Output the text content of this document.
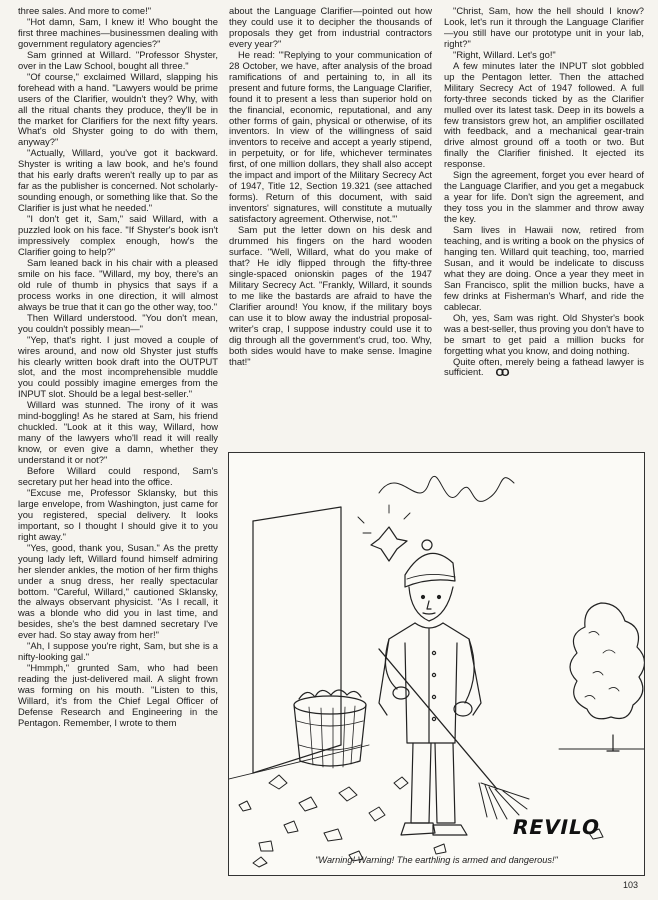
three sales. And more to come!"

"Hot damn, Sam, I knew it! Who bought the first three machines—businessmen dealing with government regulatory agencies?"

Sam grinned at Willard. "Professor Shyster, over in the Law School, bought all three."

"Of course," exclaimed Willard, slapping his forehead with a hand. "Lawyers would be prime users of the Clarifier, wouldn't they? Why, with all the ritual chants they produce, they'll be in the market for Clarifiers for the next fifty years. What's old Shyster going to do with them, anyway?"

"Actually, Willard, you've got it backward. Shyster is writing a law book, and he's found that his early drafts weren't really up to par as far as the publisher is concerned. Not scholarly-sounding enough, or something like that. So the Clarifier is just what he needed."

"I don't get it, Sam," said Willard, with a puzzled look on his face. "If Shyster's book isn't impressively complex enough, how's the Clarifier going to help?"

Sam leaned back in his chair with a pleased smile on his face. "Willard, my boy, there's an old rule of thumb in physics that says if a process works in one direction, it will almost always be true that it can go the other way, too."

Then Willard understood. "You don't mean, you couldn't possibly mean—"

"Yep, that's right. I just moved a couple of wires around, and now old Shyster just stuffs his clearly written book draft into the OUTPUT slot, and the most incomprehensible muddle you could possibly imagine emerges from the INPUT slot. Should be a legal best-seller."

Willard was stunned. The irony of it was mind-boggling! As he stared at Sam, his friend chuckled. "Look at it this way, Willard, how many of the lawyers who'll read it will really know, or even give a damn, whether they understand it or not?"

Before Willard could respond, Sam's secretary put her head into the office.

"Excuse me, Professor Sklansky, but this large envelope, from Washington, just came for you registered, special delivery. It looks important, so I thought I should give it to you right away."

"Yes, good, thank you, Susan." As the pretty young lady left, Willard found himself admiring her slender ankles, the motion of her firm thighs under a snug dress, her really spectacular bottom. "Careful, Willard," cautioned Sklansky, the always observant physicist. "As I recall, it was a blonde who did you in last time, and besides, she's the best damned secretary I've ever had. So stay away from her!"

"Ah, I suppose you're right, Sam, but she is a nifty-looking gal."

"Hmmph," grunted Sam, who had been reading the just-delivered mail. A slight frown was forming on his mouth. "Listen to this, Willard, it's from the Chief Legal Officer of Defense Research and Engineering in the Pentagon. Remember, I wrote to them

about the Language Clarifier—pointed out how they could use it to decipher the thousands of proposals they get from industrial contractors every year?"

He read: "'Replying to your communication of 28 October, we have, after analysis of the broad ramifications of and pertaining to, in all its present and future forms, the Language Clarifier, found it to present a less than superior hold on the financial, economic, reputational, and any other forms of gain, physical or otherwise, of its inventors. In view of the willingness of said inventors to receive and accept a yearly stipend, in perpetuity, or for life, whichever terminates first, of one million dollars, they shall also accept the impact and import of the Military Secrecy Act of 1947, Title 12, Section 19.321 (see attached forms). Return of this document, with said inventors' signatures, will constitute a mutually satisfactory agreement. Otherwise, not.'"

Sam put the letter down on his desk and drummed his fingers on the hard wooden surface. "Well, Willard, what do you make of that? He idly flipped through the fifty-three single-spaced onionskin pages of the 1947 Military Secrecy Act. "Frankly, Willard, it sounds to me like the bastards are afraid to have the Clarifier around! You know, if the military boys can use it to blow away the industrial proposal-writer's crap, I suppose industry could use it to dig through all the government's crud, too. Why, both sides would have to make sense. Imagine that!"

"Christ, Sam, how the hell should I know? Look, let's run it through the Language Clarifier—you still have our prototype unit in your lab, right?"

"Right, Willard. Let's go!"

A few minutes later the INPUT slot gobbled up the Pentagon letter. Then the attached Military Secrecy Act of 1947 followed. A full forty-three seconds ticked by as the Clarifier mulled over its latest task. Deep in its bowels a few transistors grew hot, an amplifier oscillated with feedback, and a mechanical gear-train drive almost ground off a tooth or two. But finally the Clarifier finished. It ejected its response.

Sign the agreement, forget you ever heard of the Language Clarifier, and you get a megabuck a year for life. Don't sign the agreement, and they toss you in the slammer and throw away the key.

Sam lives in Hawaii now, retired from teaching, and is writing a book on the physics of hanging ten. Willard quit teaching, too, married Susan, and it would be indelicate to discuss what they are doing. Once a year they meet in San Francisco, split the million bucks, have a few drinks at Fisherman's Wharf, and ride the cablecar.

Oh, yes, Sam was right. Old Shyster's book was a best-seller, thus proving you don't have to be smart to get paid a million bucks for forgetting what you know, and doing nothing.

Quite often, merely being a fathead lawyer is sufficient. OO

REVILO
"Warning! Warning! The earthling is armed and dangerous!"
103
